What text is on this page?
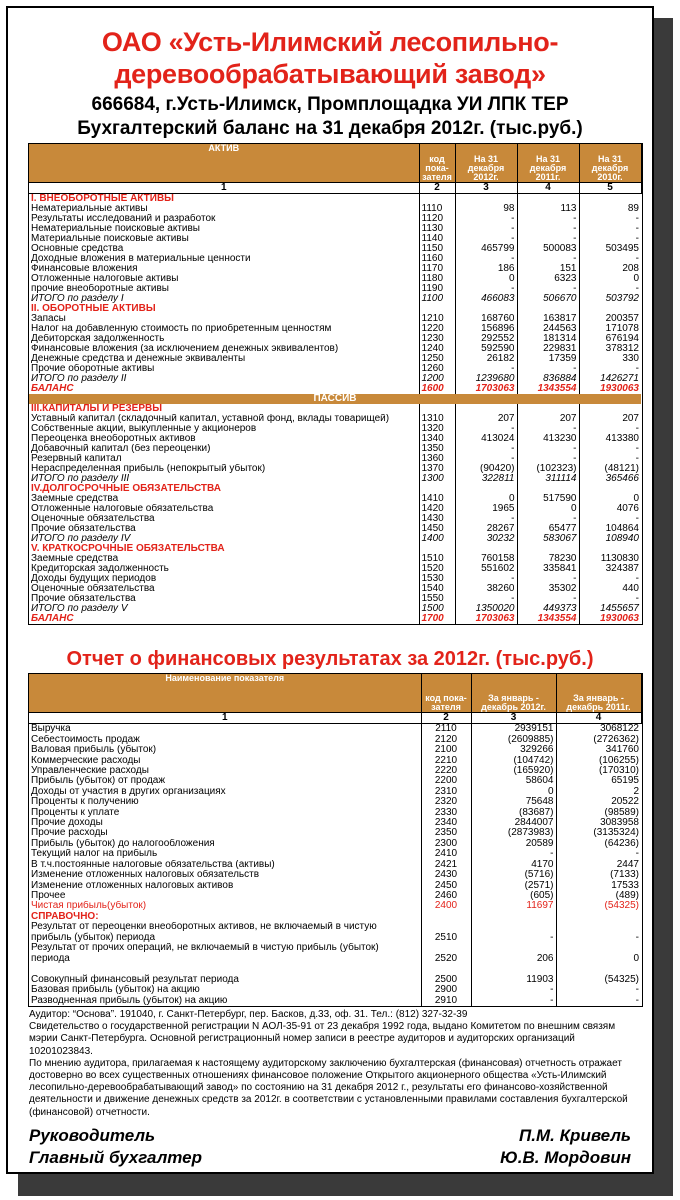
ОАО «Усть-Илимский лесопильно-
деревообрабатывающий завод»
666684, г.Усть-Илимск, Промплощадка УИ ЛПК ТЕР
Бухгалтерский баланс на 31 декабря 2012г. (тыс.руб.)
АКТИВ	код пока-зателя	На 31 декабря 2012г.	На 31 декабря 2011г.	На 31 декабря 2010г.
1	2	3	4	5
I. ВНЕОБОРОТНЫЕ АКТИВЫ				
Нематериальные активы	1110	98	113	89
Результаты исследований и разработок	1120	-	-	-
Нематериальные поисковые активы	1130	-	-	-
Материальные поисковые активы	1140	-	-	-
Основные средства	1150	465799	500083	503495
Доходные вложения в материальные ценности	1160	-	-	-
Финансовые вложения	1170	186	151	208
Отложенные налоговые активы	1180	0	6323	0
прочие внеоборотные активы	1190	-	-	-
ИТОГО по разделу I	1100	466083	506670	503792
II. ОБОРОТНЫЕ АКТИВЫ				
Запасы	1210	168760	163817	200357
Налог на добавленную стоимость по приобретенным ценностям	1220	156896	244563	171078
Дебиторская задолженность	1230	292552	181314	676194
Финансовые вложения (за исключением денежных эквивалентов)	1240	592590	229831	378312
Денежные средства и денежные эквиваленты	1250	26182	17359	330
Прочие оборотные активы	1260	-	-	-
ИТОГО по разделу II	1200	1239680	836884	1426271
БАЛАНС	1600	1703063	1343554	1930063
ПАССИВ				
III.КАПИТАЛЫ И РЕЗЕРВЫ				
Уставный капитал (складочный капитал, уставной фонд, вклады товарищей)	1310	207	207	207
Собственные акции, выкупленные у акционеров	1320	-	-	-
Переоценка внеоборотных активов	1340	413024	413230	413380
Добавочный капитал (без переоценки)	1350	-	-	-
Резервный капитал	1360	-	-	-
Нераспределенная прибыль (непокрытый убыток)	1370	(90420)	(102323)	(48121)
ИТОГО по разделу III	1300	322811	311114	365466
IV.ДОЛГОСРОЧНЫЕ ОБЯЗАТЕЛЬСТВА				
Заемные средства	1410	0	517590	0
Отложенные налоговые обязательства	1420	1965	0	4076
Оценочные обязательства	1430	-	-	-
Прочие обязательства	1450	28267	65477	104864
ИТОГО по разделу IV	1400	30232	583067	108940
V. КРАТКОСРОЧНЫЕ ОБЯЗАТЕЛЬСТВА				
Заемные средства	1510	760158	78230	1130830
Кредиторская задолженность	1520	551602	335841	324387
Доходы будущих периодов	1530	-	-	-
Оценочные обязательства	1540	38260	35302	440
Прочие обязательства	1550	-	-	-
ИТОГО по разделу V	1500	1350020	449373	1455657
БАЛАНС	1700	1703063	1343554	1930063
Отчет о финансовых результатах за 2012г. (тыс.руб.)
Наименование показателя	код пока-зателя	За январь - декабрь 2012г.	За январь - декабрь 2011г.
1	2	3	4
Выручка	2110	2939151	3068122
Себестоимость продаж	2120	(2609885)	(2726362)
Валовая прибыль (убыток)	2100	329266	341760
Коммерческие расходы	2210	(104742)	(106255)
Управленческие расходы	2220	(165920)	(170310)
Прибыль (убыток) от продаж	2200	58604	65195
Доходы от участия в других организациях	2310	0	2
Проценты к получению	2320	75648	20522
Проценты к уплате	2330	(83687)	(98589)
Прочие доходы	2340	2844007	3083958
Прочие расходы	2350	(2873983)	(3135324)
Прибыль (убыток) до налогообложения	2300	20589	(64236)
Текущий налог на прибыль	2410	-	-
В т.ч.постоянные налоговые обязательства (активы)	2421	4170	2447
Изменение отложенных налоговых обязательств	2430	(5716)	(7133)
Изменение отложенных налоговых активов	2450	(2571)	17533
Прочее	2460	(605)	(489)
Чистая прибыль(убыток)	2400	11697	(54325)
СПРАВОЧНО:			
Результат от переоценки внеоборотных активов, не включаемый в чистую прибыль (убыток) периода	2510	-	-
Результат от прочих операций, не включаемый в чистую прибыль (убыток) периода	2520	206	0
Совокупный финансовый результат периода	2500	11903	(54325)
Базовая прибыль (убыток) на акцию	2900	-	-
Разводненная прибыль (убыток) на акцию	2910	-	-
Аудитор: “Основа”. 191040, г. Санкт-Петербург, пер. Басков, д.33, оф. 31. Тел.: (812) 327-32-39
Свидетельство о государственной регистрации N АОЛ-35-91 от 23 декабря 1992 года, выдано Комитетом по внешним связям мэрии Санкт-Петербурга. Основной регистрационный номер записи в реестре аудиторов и аудиторских организаций 10201023843.
По мнению аудитора, прилагаемая к настоящему аудиторскому заключению бухгалтерская (финансовая) отчетность отражает достоверно во всех существенных отношениях финансовое положение Открытого акционерного общества «Усть-Илимский лесопильно-деревообрабатывающий завод» по состоянию на 31 декабря 2012 г., результаты его финансово-хозяйственной деятельности и движение денежных средств за 2012г. в соответствии с установленными правилами составления бухгалтерской (финансовой) отчетности.
Руководитель	П.М. Кривель
Главный бухгалтер	Ю.В. Мордовин
